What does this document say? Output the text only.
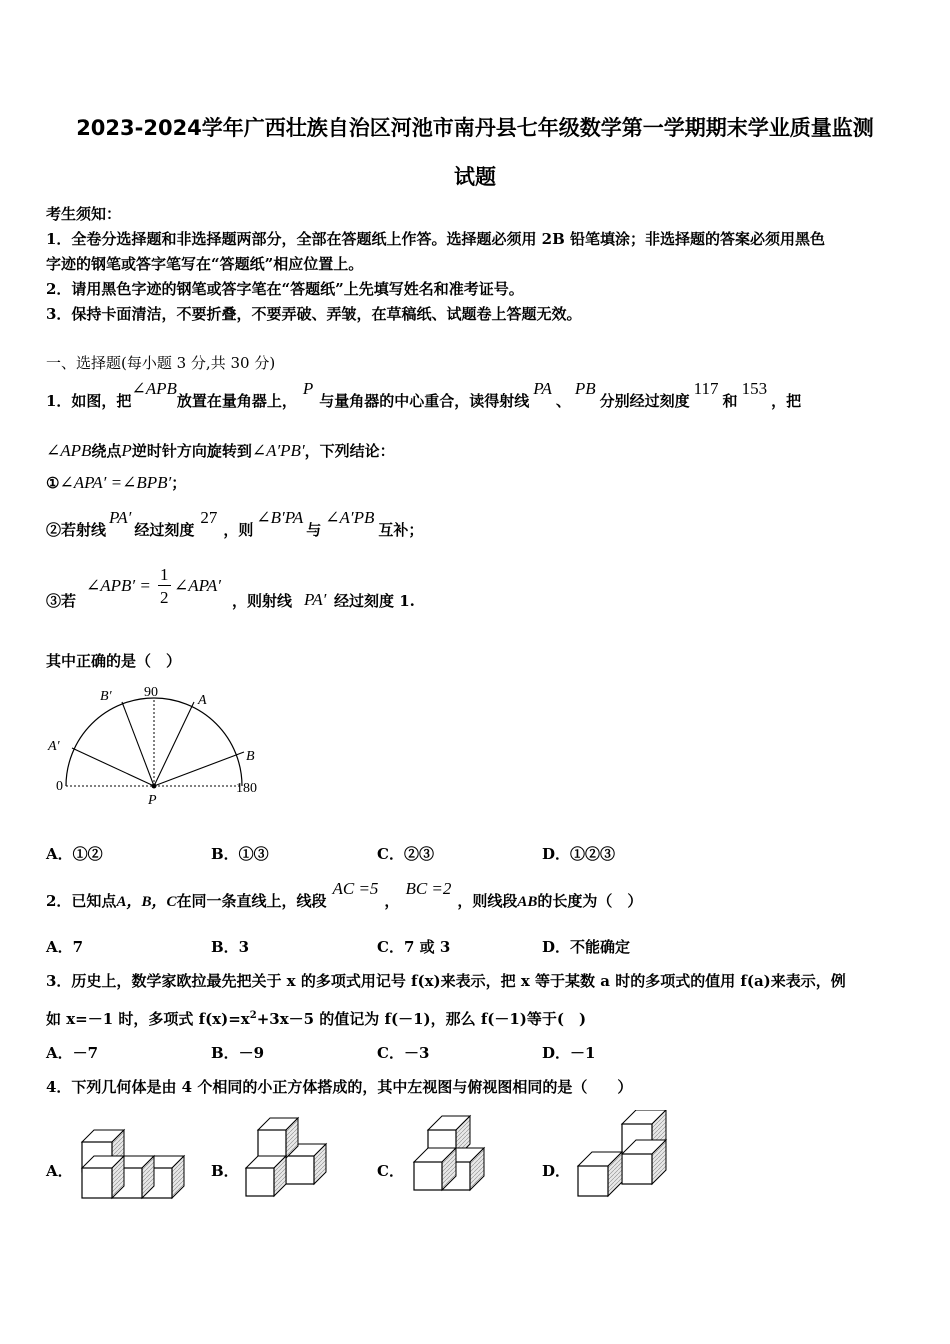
2023-2024学年广西壮族自治区河池市南丹县七年级数学第一学期期末学业质量监测
试题
考生须知：
1．全卷分选择题和非选择题两部分，全部在答题纸上作答。选择题必须用 2B 铅笔填涂；非选择题的答案必须用黑色
字迹的钢笔或答字笔写在“答题纸”相应位置上。
2．请用黑色字迹的钢笔或答字笔在“答题纸”上先填写姓名和准考证号。
3．保持卡面清洁，不要折叠，不要弄破、弄皱，在草稿纸、试题卷上答题无效。
一、选择题(每小题 3 分,共 30 分)
1．如图，把∠APB放置在量角器上，P与量角器的中心重合，读得射线PA、PB分别经过刻度117和153，把
∠APB绕点P逆时针方向旋转到∠A′PB′，下列结论：
①∠APA′ =∠BPB′；
②若射线PA′经过刻度27，则∠B′PA与∠A′PB互补；
③若
∠APB′ =
1
2
∠APA′
，则射线 PA′ 经过刻度 1.
其中正确的是（　）
B′ 90
A
A′
B
0
P
180
A．①②	B．①③	C．②③	D．①②③
2．已知点A，B，C在同一条直线上，线段AC =5，BC =2，则线段AB的长度为（　）
A．7	B．3	C．7 或 3	D．不能确定
3．历史上，数学家欧拉最先把关于 x 的多项式用记号 f(x)来表示，把 x 等于某数 a 时的多项式的值用 f(a)来表示，例
如 x=－1 时，多项式 $f(x)=x^2+3x-5$ 的值记为 f(－1)，那么 f(－1)等于(　)
A．－7	B．－9	C．－3	D．－1
4．下列几何体是由 4 个相同的小正方体搭成的，其中左视图与俯视图相同的是（　　）
A．	B．	C．	D．
